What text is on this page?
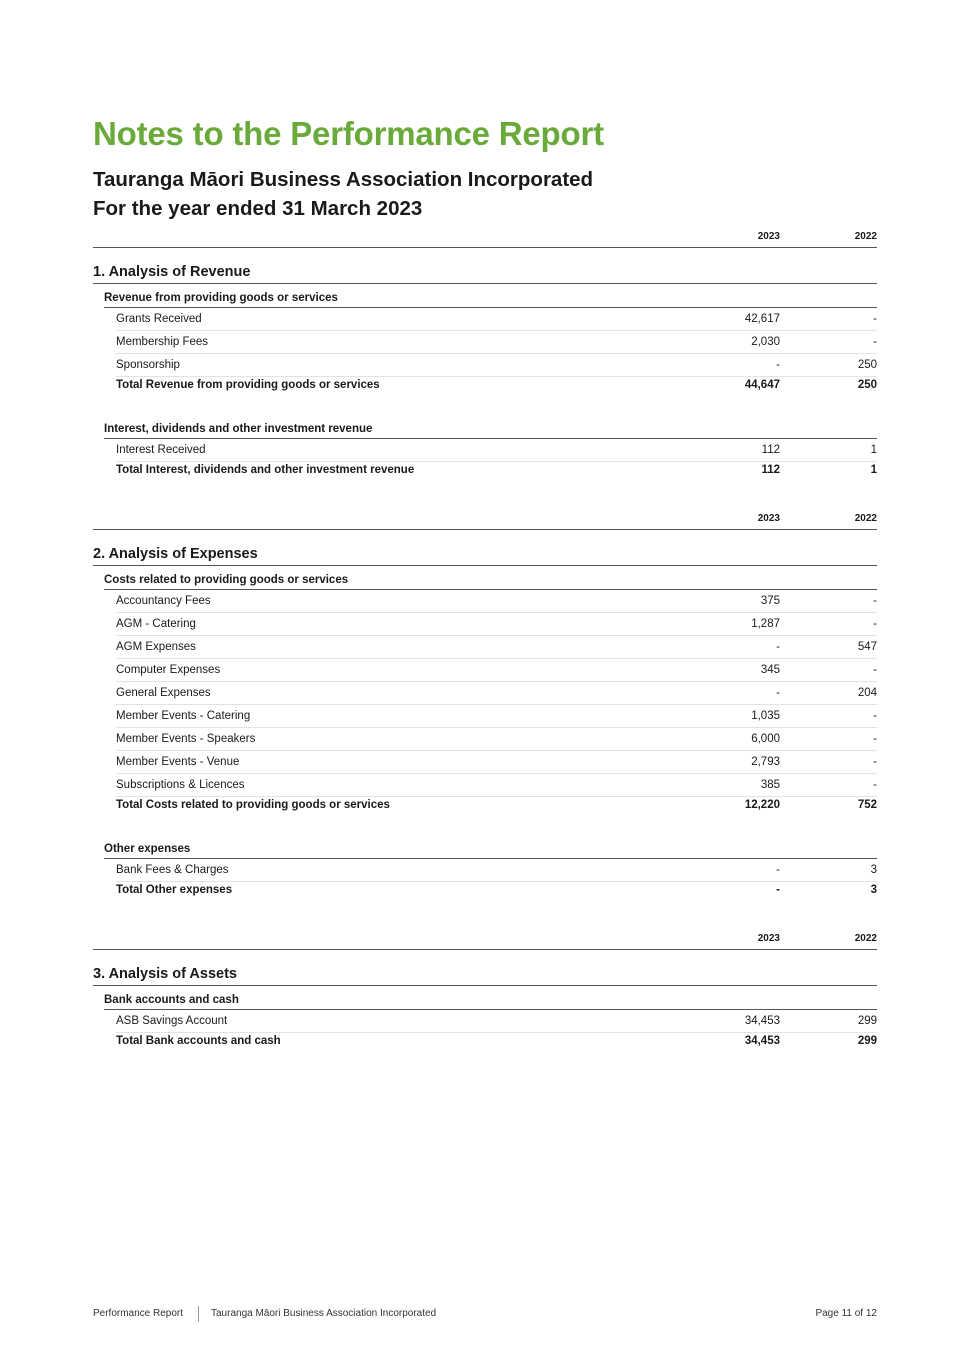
Notes to the Performance Report
Tauranga Māori Business Association Incorporated
For the year ended 31 March 2023
2023	2022
1. Analysis of Revenue
Revenue from providing goods or services
Grants Received	42,617	-
Membership Fees	2,030	-
Sponsorship	-	250
Total Revenue from providing goods or services	44,647	250
Interest, dividends and other investment revenue
Interest Received	112	1
Total Interest, dividends and other investment revenue	112	1
2023	2022
2. Analysis of Expenses
Costs related to providing goods or services
Accountancy Fees	375	-
AGM - Catering	1,287	-
AGM Expenses	-	547
Computer Expenses	345	-
General Expenses	-	204
Member Events - Catering	1,035	-
Member Events - Speakers	6,000	-
Member Events - Venue	2,793	-
Subscriptions & Licences	385	-
Total Costs related to providing goods or services	12,220	752
Other expenses
Bank Fees & Charges	-	3
Total Other expenses	-	3
2023	2022
3. Analysis of Assets
Bank accounts and cash
ASB Savings Account	34,453	299
Total Bank accounts and cash	34,453	299
Performance Report	Tauranga Māori Business Association Incorporated	Page 11 of 12
